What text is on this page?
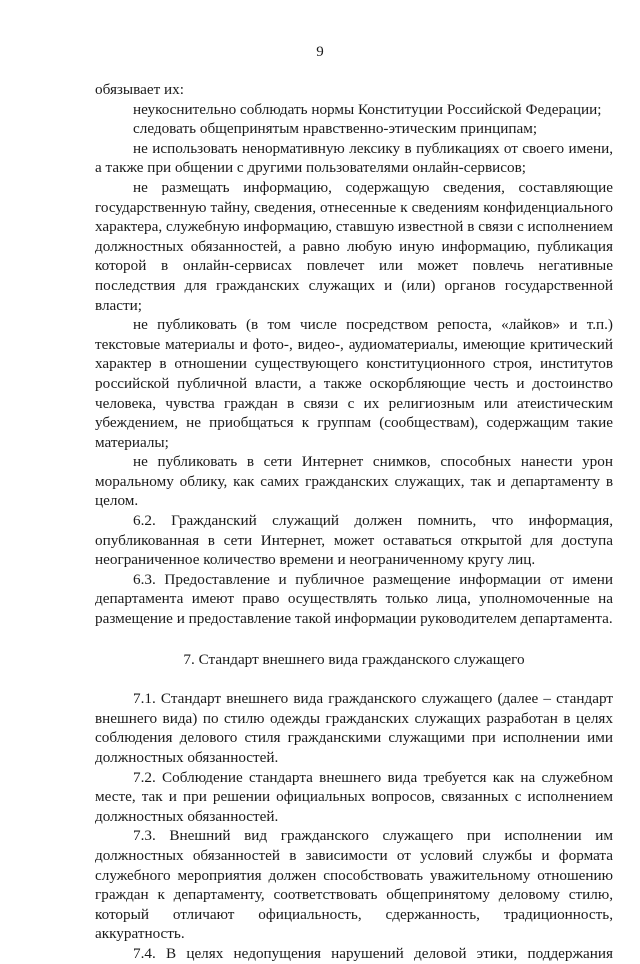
9

обязывает их:

неукоснительно соблюдать нормы Конституции Российской Федерации;

следовать общепринятым нравственно-этическим принципам;

не использовать ненормативную лексику в публикациях от своего имени, а также при общении с другими пользователями онлайн-сервисов;

не размещать информацию, содержащую сведения, составляющие государственную тайну, сведения, отнесенные к сведениям конфиденциального характера, служебную информацию, ставшую известной в связи с исполнением должностных обязанностей, а равно любую иную информацию, публикация которой в онлайн-сервисах повлечет или может повлечь негативные последствия для гражданских служащих и (или) органов государственной власти;

не публиковать (в том числе посредством репоста, «лайков» и т.п.) текстовые материалы и фото-, видео-, аудиоматериалы, имеющие критический характер в отношении существующего конституционного строя, институтов российской публичной власти, а также оскорбляющие честь и достоинство человека, чувства граждан в связи с их религиозным или атеистическим убеждением, не приобщаться к группам (сообществам), содержащим такие материалы;

не публиковать в сети Интернет снимков, способных нанести урон моральному облику, как самих гражданских служащих, так и департаменту в целом.

6.2. Гражданский служащий должен помнить, что информация, опубликованная в сети Интернет, может оставаться открытой для доступа неограниченное количество времени и неограниченному кругу лиц.

6.3. Предоставление и публичное размещение информации от имени департамента имеют право осуществлять только лица, уполномоченные на размещение и предоставление такой информации руководителем департамента.

7. Стандарт внешнего вида гражданского служащего

7.1. Стандарт внешнего вида гражданского служащего (далее – стандарт внешнего вида) по стилю одежды гражданских служащих разработан в целях соблюдения делового стиля гражданскими служащими при исполнении ими должностных обязанностей.

7.2. Соблюдение стандарта внешнего вида требуется как на служебном месте, так и при решении официальных вопросов, связанных с исполнением должностных обязанностей.

7.3. Внешний вид гражданского служащего при исполнении им должностных обязанностей в зависимости от условий службы и формата служебного мероприятия должен способствовать уважительному отношению граждан к департаменту, соответствовать общепринятому деловому стилю, который отличают официальность, сдержанность, традиционность, аккуратность.

7.4. В целях недопущения нарушений деловой этики, поддержания
